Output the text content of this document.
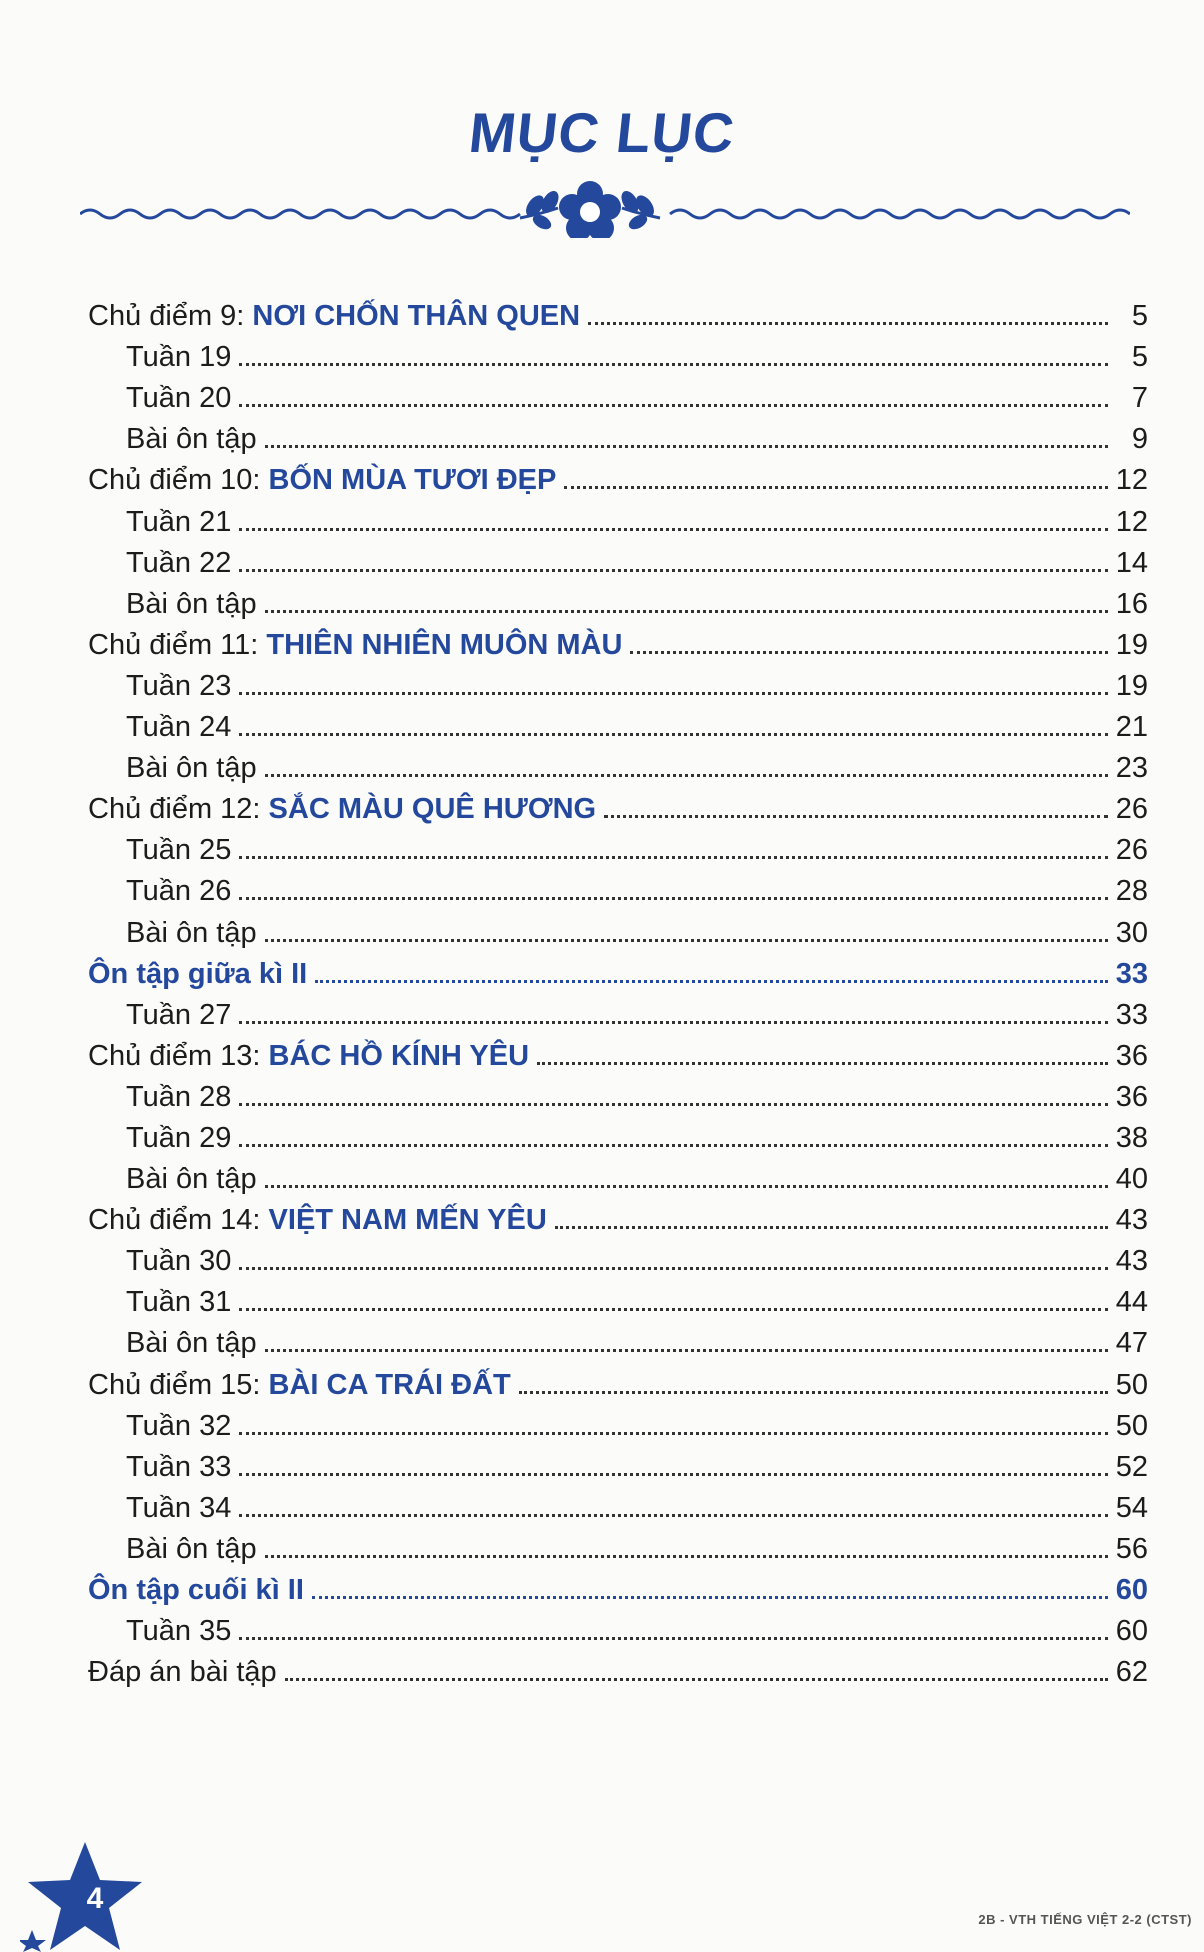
MỤC LỤC
Chủ điểm 9: NƠI CHỐN THÂN QUEN	5
Tuần 19	5
Tuần 20	7
Bài ôn tập	9
Chủ điểm 10: BỐN MÙA TƯƠI ĐẸP	12
Tuần 21	12
Tuần 22	14
Bài ôn tập	16
Chủ điểm 11: THIÊN NHIÊN MUÔN MÀU	19
Tuần 23	19
Tuần 24	21
Bài ôn tập	23
Chủ điểm 12: SẮC MÀU QUÊ HƯƠNG	26
Tuần 25	26
Tuần 26	28
Bài ôn tập	30
Ôn tập giữa kì II	33
Tuần 27	33
Chủ điểm 13: BÁC HỒ KÍNH YÊU	36
Tuần 28	36
Tuần 29	38
Bài ôn tập	40
Chủ điểm 14: VIỆT NAM MẾN YÊU	43
Tuần 30	43
Tuần 31	44
Bài ôn tập	47
Chủ điểm 15: BÀI CA TRÁI ĐẤT	50
Tuần 32	50
Tuần 33	52
Tuần 34	54
Bài ôn tập	56
Ôn tập cuối kì II	60
Tuần 35	60
Đáp án bài tập	62
4
2B - VTH TIẾNG VIỆT 2-2 (CTST)
